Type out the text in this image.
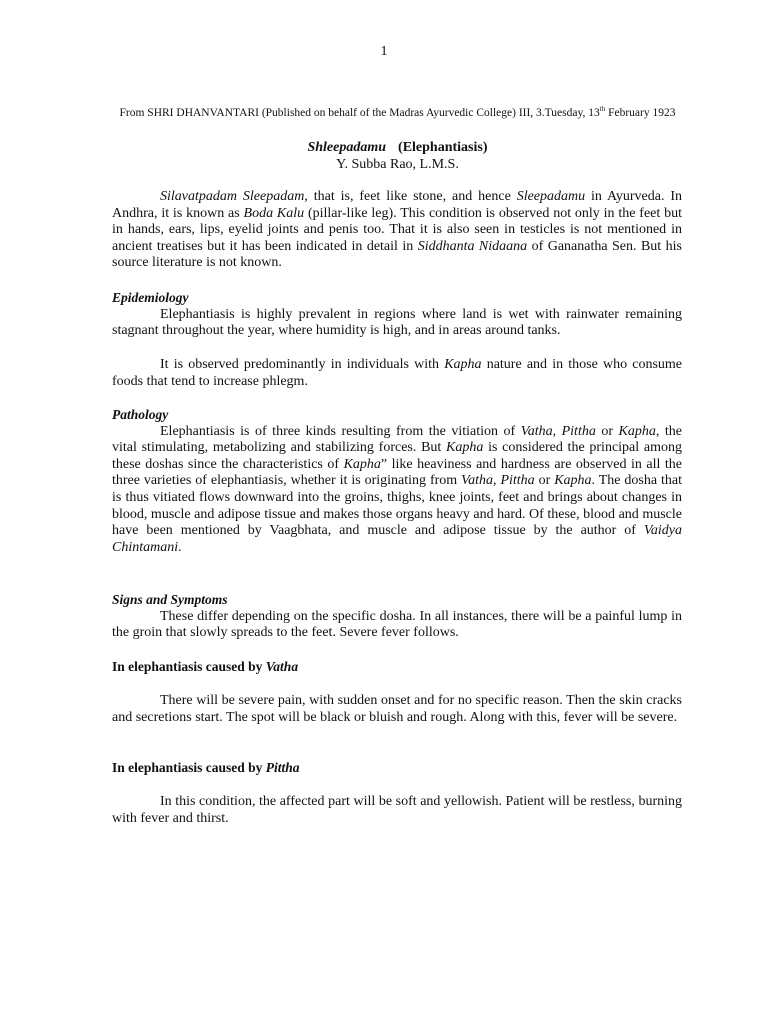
1
From SHRI DHANVANTARI (Published on behalf of the Madras Ayurvedic College) III, 3.Tuesday, 13th February 1923
Shleepadamu (Elephantiasis)
Y. Subba Rao, L.M.S.

Silavatpadam Sleepadam, that is, feet like stone, and hence Sleepadamu in Ayurveda. In Andhra, it is known as Boda Kalu (pillar-like leg). This condition is observed not only in the feet but in hands, ears, lips, eyelid joints and penis too. That it is also seen in testicles is not mentioned in ancient treatises but it has been indicated in detail in Siddhanta Nidaana of Gananatha Sen. But his source literature is not known.

Epidemiology

Elephantiasis is highly prevalent in regions where land is wet with rainwater remaining stagnant throughout the year, where humidity is high, and in areas around tanks.

It is observed predominantly in individuals with Kapha nature and in those who consume foods that tend to increase phlegm.

Pathology

Elephantiasis is of three kinds resulting from the vitiation of Vatha, Pittha or Kapha, the vital stimulating, metabolizing and stabilizing forces. But Kapha is considered the principal among these doshas since the characteristics of Kapha” like heaviness and hardness are observed in all the three varieties of elephantiasis, whether it is originating from Vatha, Pittha or Kapha. The dosha that is thus vitiated flows downward into the groins, thighs, knee joints, feet and brings about changes in blood, muscle and adipose tissue and makes those organs heavy and hard. Of these, blood and muscle have been mentioned by Vaagbhata, and muscle and adipose tissue by the author of Vaidya Chintamani.

Signs and Symptoms

These differ depending on the specific dosha. In all instances, there will be a painful lump in the groin that slowly spreads to the feet. Severe fever follows.

In elephantiasis caused by Vatha

There will be severe pain, with sudden onset and for no specific reason. Then the skin cracks and secretions start. The spot will be black or bluish and rough. Along with this, fever will be severe.

In elephantiasis caused by Pittha

In this condition, the affected part will be soft and yellowish. Patient will be restless, burning with fever and thirst.
